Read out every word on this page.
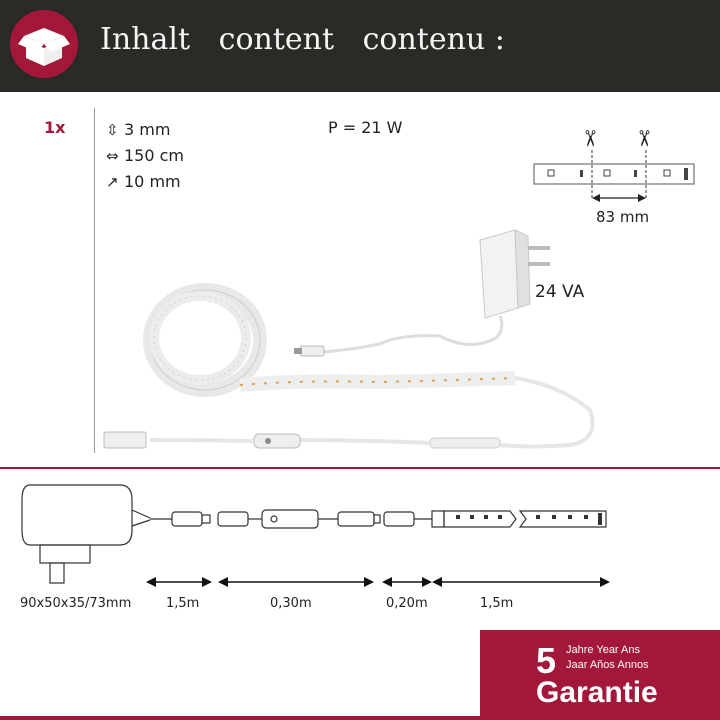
Inhalt   content   contenu :
1x	⇳ 3 mm
⇔ 150 cm
↗ 10 mm
P = 21 W
✂ ✂
83 mm
24 VA
90x50x35/73mm	1,5m	0,30m	0,20m	1,5m
5 Jahre Year Ans
Jaar Años Annos
Garantie
